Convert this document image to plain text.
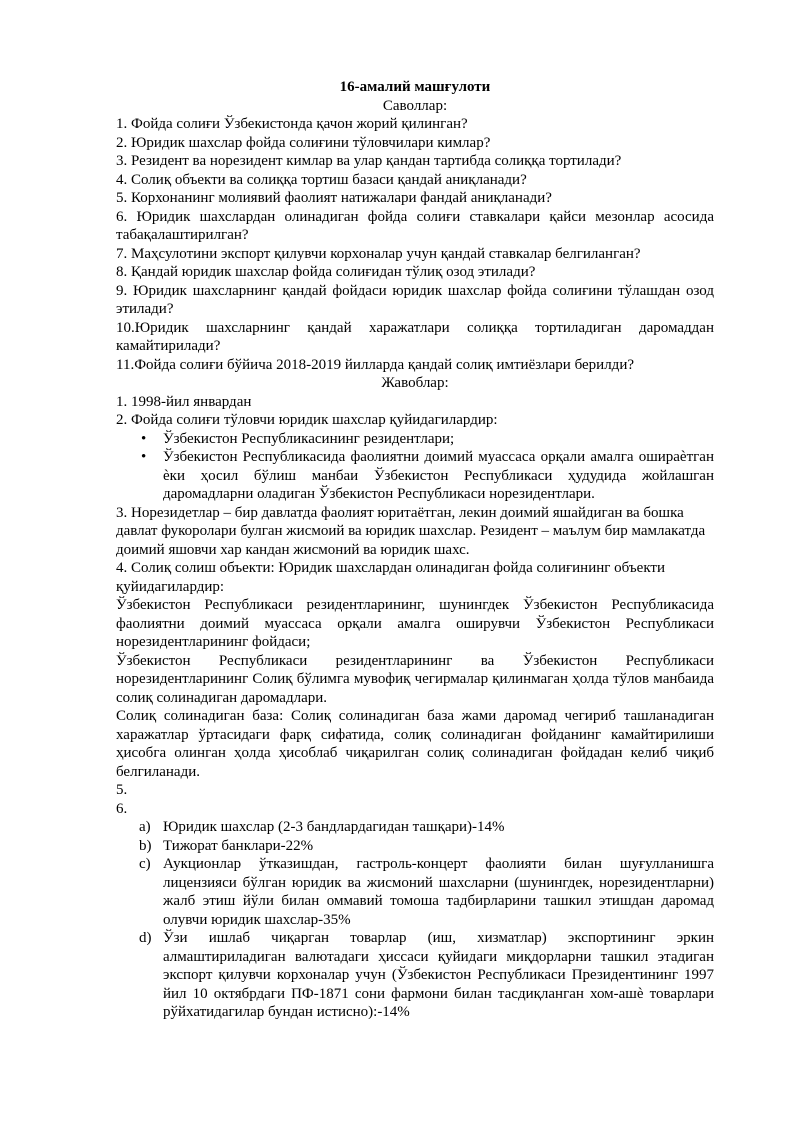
16-амалий машғулоти

Саволлар:

1. Фойда солиғи Ўзбекистонда қачон жорий қилинган?

2. Юридик шахслар фойда солиғини тўловчилари кимлар?

3. Резидент ва норезидент кимлар ва улар қандан тартибда солиққа тортилади?

4. Солиқ объекти ва солиққа тортиш базаси қандай аниқланади?

5. Корхонанинг молиявий фаолият натижалари фандай аниқланади?

6. Юридик шахслардан олинадиган фойда солиғи ставкалари қайси мезонлар асосида табақалаштирилган?

7. Маҳсулотини экспорт қилувчи корхоналар учун қандай ставкалар белгиланган?

8. Қандай юридик шахслар фойда солиғидан тўлиқ озод этилади?

9. Юридик шахсларнинг қандай фойдаси юридик шахслар фойда солиғини тўлашдан озод этилади?

10.Юридик шахсларнинг қандай харажатлари солиққа тортиладиган даромаддан камайтирилади?

11.Фойда солиғи бўйича 2018-2019 йилларда қандай солиқ имтиёзлари берилди?

Жавоблар:

1. 1998-йил январдан

2. Фойда солиғи тўловчи юридик шахслар қуйидагилардир:

• Ўзбекистон Республикасининг резидентлари;
• Ўзбекистон Республикасида фаолиятни доимий муассаса орқали амалга ошираѐтган ѐки ҳосил бўлиш манбаи Ўзбекистон Республикаси ҳудудида жойлашган даромадларни оладиган Ўзбекистон Республикаси норезидентлари.

3. Норезидетлар – бир давлатда фаолият юритаётган, лекин доимий яшайдиган ва бошка давлат фукоролари булган жисмоий ва юридик шахслар. Резидент – маълум бир мамлакатда доимий яшовчи хар кандан жисмоний ва юридик шахс.

4. Солиқ солиш объекти: Юридик шахслардан олинадиган фойда солиғининг объекти қуйидагилардир:

Ўзбекистон Республикаси резидентларининг, шунингдек Ўзбекистон Республикасида фаолиятни доимий муассаса орқали амалга оширувчи Ўзбекистон Республикаси норезидентларининг фойдаси;

Ўзбекистон Республикаси резидентларининг ва Ўзбекистон Республикаси норезидентларининг Солиқ бўлимга мувофиқ чегирмалар қилинмаган ҳолда тўлов манбаида солиқ солинадиган даромадлари.

Солиқ солинадиган база: Солиқ солинадиган база жами даромад чегириб ташланадиган харажатлар ўртасидаги фарқ сифатида, солиқ солинадиган фойданинг камайтирилиши ҳисобга олинган ҳолда ҳисоблаб чиқарилган солиқ солинадиган фойдадан келиб чиқиб белгиланади.

5.

6.

a) Юридик шахслар (2-3 бандлардагидан ташқари)-14%
b) Тижорат банклари-22%
c) Аукционлар ўтказишдан, гастроль-концерт фаолияти билан шуғулланишга лицензияси бўлган юридик ва жисмоний шахсларни (шунингдек, норезидентларни) жалб этиш йўли билан оммавий томоша тадбирларини ташкил этишдан даромад олувчи юридик шахслар-35%
d) Ўзи ишлаб чиқарган товарлар (иш, хизматлар) экспортининг эркин алмаштириладиган валютадаги ҳиссаси қуйидаги миқдорларни ташкил этадиган экспорт қилувчи корхоналар учун (Ўзбекистон Республикаси Президентининг 1997 йил 10 октябрдаги ПФ-1871 сони фармони билан тасдиқланган хом-ашѐ товарлари рўйхатидагилар бундан истисно):-14%
